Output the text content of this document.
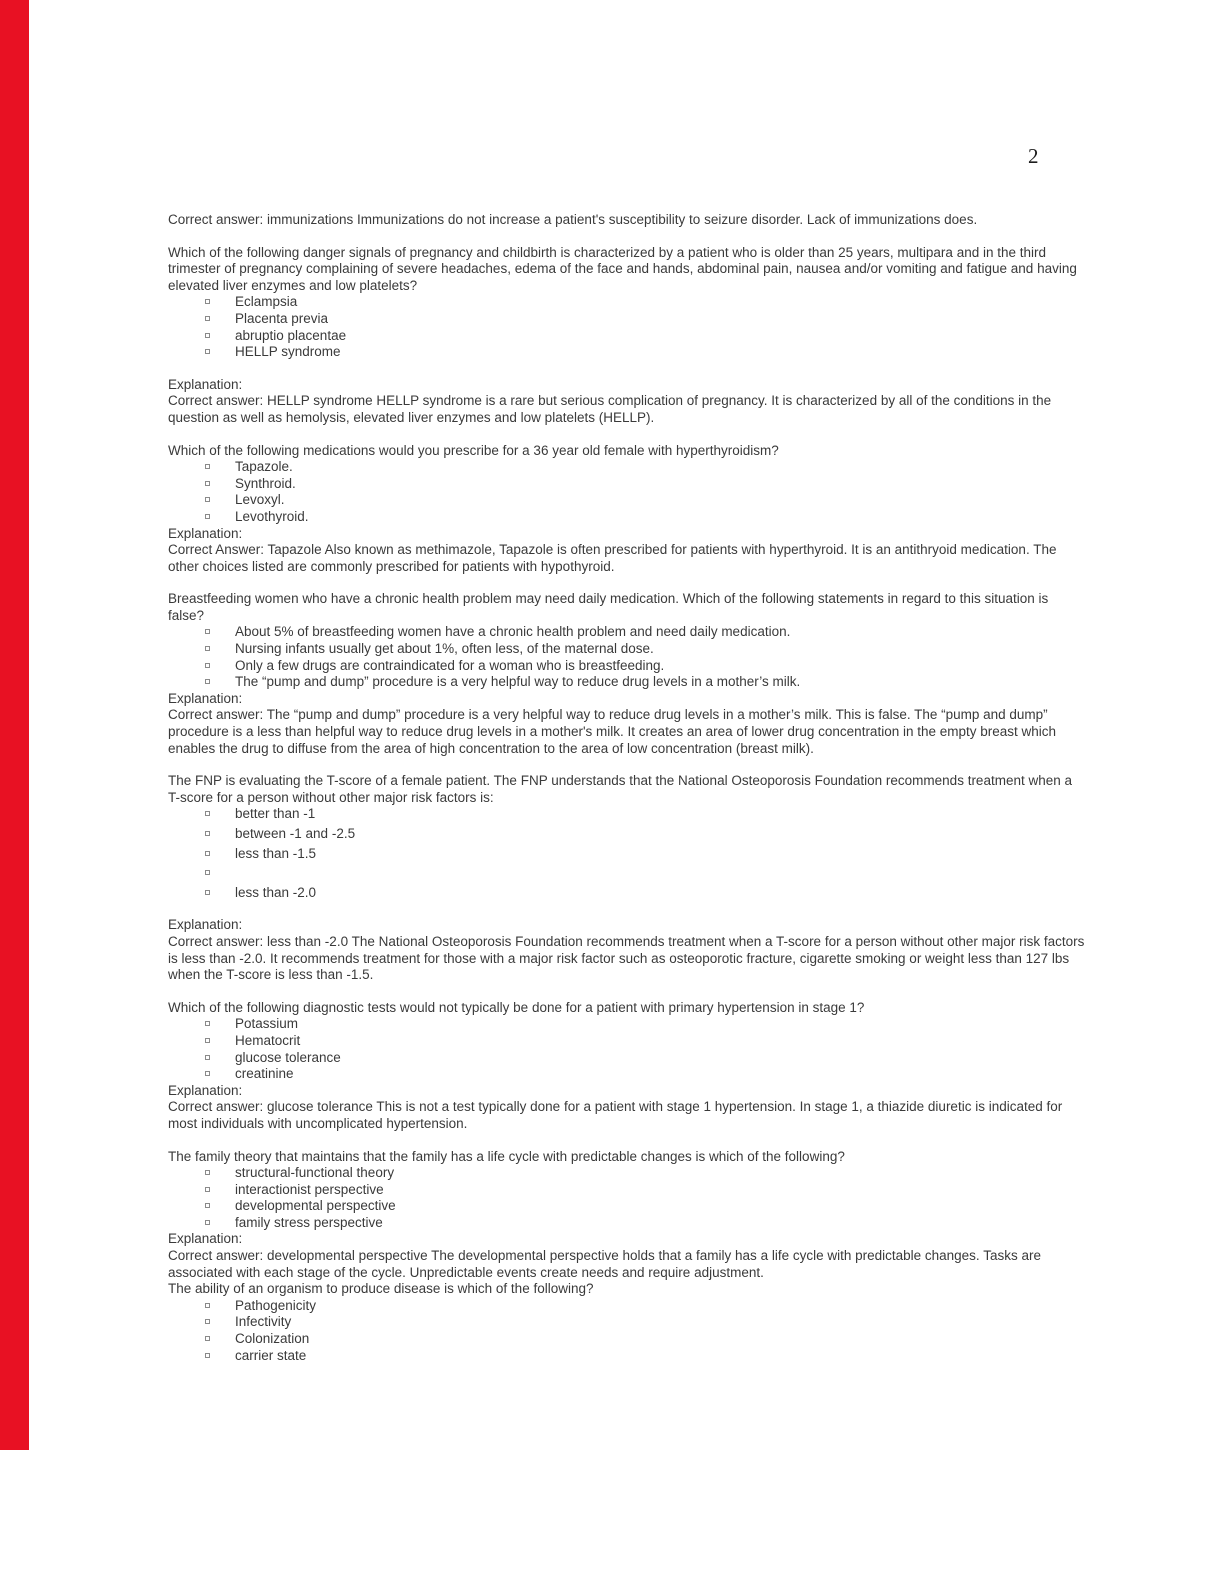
2

Correct answer: immunizations Immunizations do not increase a patient's susceptibility to seizure disorder. Lack of immunizations does.

Which of the following danger signals of pregnancy and childbirth is characterized by a patient who is older than 25 years, multipara and in the third trimester of pregnancy complaining of severe headaches, edema of the face and hands, abdominal pain, nausea and/or vomiting and fatigue and having elevated liver enzymes and low platelets?

Eclampsia
Placenta previa
abruptio placentae
HELLP syndrome

Explanation:

Correct answer: HELLP syndrome HELLP syndrome is a rare but serious complication of pregnancy. It is characterized by all of the conditions in the question as well as hemolysis, elevated liver enzymes and low platelets (HELLP).

Which of the following medications would you prescribe for a 36 year old female with hyperthyroidism?

Tapazole.
Synthroid.
Levoxyl.
Levothyroid.

Explanation:

Correct Answer: Tapazole Also known as methimazole, Tapazole is often prescribed for patients with hyperthyroid. It is an antithryoid medication. The other choices listed are commonly prescribed for patients with hypothyroid.

Breastfeeding women who have a chronic health problem may need daily medication. Which of the following statements in regard to this situation is false?

About 5% of breastfeeding women have a chronic health problem and need daily medication.
Nursing infants usually get about 1%, often less, of the maternal dose.
Only a few drugs are contraindicated for a woman who is breastfeeding.
The “pump and dump” procedure is a very helpful way to reduce drug levels in a mother’s milk.

Explanation:

Correct answer: The “pump and dump” procedure is a very helpful way to reduce drug levels in a mother’s milk. This is false. The “pump and dump” procedure is a less than helpful way to reduce drug levels in a mother's milk. It creates an area of lower drug concentration in the empty breast which enables the drug to diffuse from the area of high concentration to the area of low concentration (breast milk).

The FNP is evaluating the T-score of a female patient. The FNP understands that the National Osteoporosis Foundation recommends treatment when a T-score for a person without other major risk factors is:

better than -1
between -1 and -2.5
less than -1.5
less than -2.0

Explanation:

Correct answer: less than -2.0 The National Osteoporosis Foundation recommends treatment when a T-score for a person without other major risk factors is less than -2.0. It recommends treatment for those with a major risk factor such as osteoporotic fracture, cigarette smoking or weight less than 127 lbs when the T-score is less than -1.5.

Which of the following diagnostic tests would not typically be done for a patient with primary hypertension in stage 1?

Potassium
Hematocrit
glucose tolerance
creatinine

Explanation:

Correct answer: glucose tolerance This is not a test typically done for a patient with stage 1 hypertension. In stage 1, a thiazide diuretic is indicated for most individuals with uncomplicated hypertension.

The family theory that maintains that the family has a life cycle with predictable changes is which of the following?

structural-functional theory
interactionist perspective
developmental perspective
family stress perspective

Explanation:

Correct answer: developmental perspective The developmental perspective holds that a family has a life cycle with predictable changes. Tasks are associated with each stage of the cycle. Unpredictable events create needs and require adjustment.

The ability of an organism to produce disease is which of the following?

Pathogenicity
Infectivity
Colonization
carrier state
